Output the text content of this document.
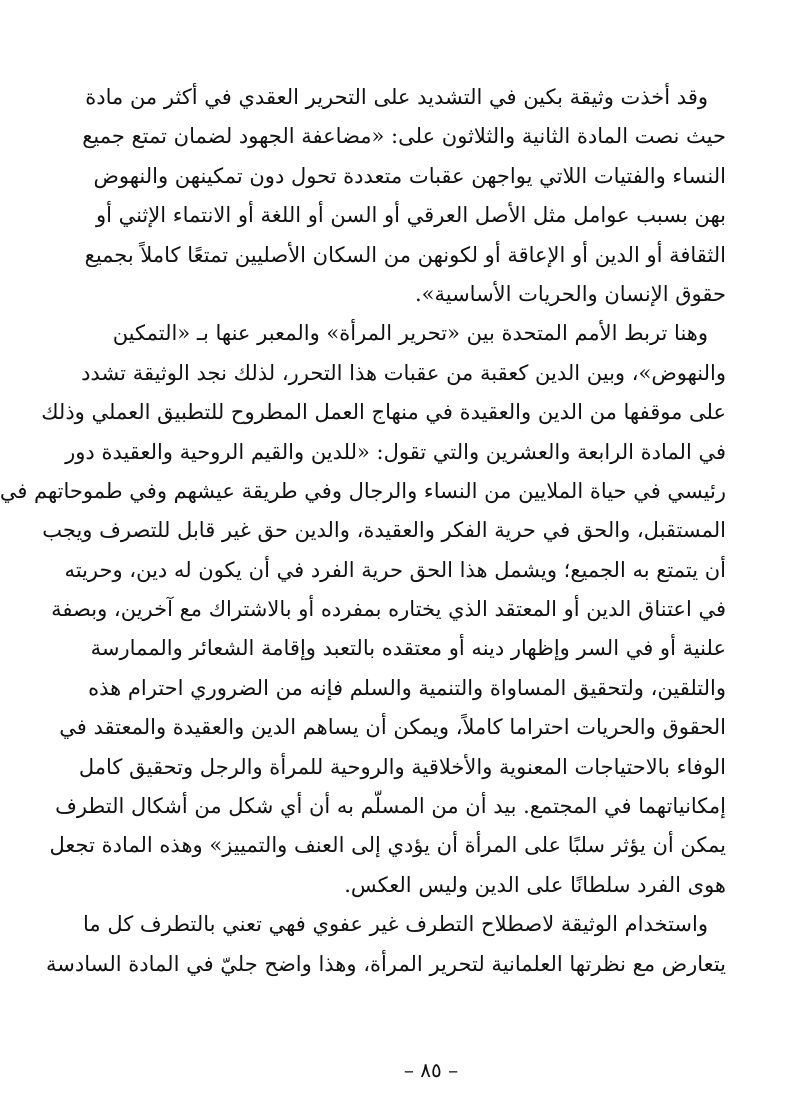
وقد أخذت وثيقة بكين في التشديد على التحرير العقدي في أكثر من مادة
حيث نصت المادة الثانية والثلاثون على: «مضاعفة الجهود لضمان تمتع جميع
النساء والفتيات اللاتي يواجهن عقبات متعددة تحول دون تمكينهن والنهوض
بهن بسبب عوامل مثل الأصل العرقي أو السن أو اللغة أو الانتماء الإثني أو
الثقافة أو الدين أو الإعاقة أو لكونهن من السكان الأصليين تمتعًا كاملاً بجميع
حقوق الإنسان والحريات الأساسية».
وهنا تربط الأمم المتحدة بين «تحرير المرأة» والمعبر عنها بـ «التمكين
والنهوض»، وبين الدين كعقبة من عقبات هذا التحرر، لذلك نجد الوثيقة تشدد
على موقفها من الدين والعقيدة في منهاج العمل المطروح للتطبيق العملي وذلك
في المادة الرابعة والعشرين والتي تقول: «للدين والقيم الروحية والعقيدة دور
رئيسي في حياة الملايين من النساء والرجال وفي طريقة عيشهم وفي طموحاتهم في
المستقبل، والحق في حرية الفكر والعقيدة، والدين حق غير قابل للتصرف ويجب
أن يتمتع به الجميع؛ ويشمل هذا الحق حرية الفرد في أن يكون له دين، وحريته
في اعتناق الدين أو المعتقد الذي يختاره بمفرده أو بالاشتراك مع آخرين، وبصفة
علنية أو في السر وإظهار دينه أو معتقده بالتعبد وإقامة الشعائر والممارسة
والتلقين، ولتحقيق المساواة والتنمية والسلم فإنه من الضروري احترام هذه
الحقوق والحريات احتراما كاملاً، ويمكن أن يساهم الدين والعقيدة والمعتقد في
الوفاء بالاحتياجات المعنوية والأخلاقية والروحية للمرأة والرجل وتحقيق كامل
إمكانياتهما في المجتمع. بيد أن من المسلّم به أن أي شكل من أشكال التطرف
يمكن أن يؤثر سلبًا على المرأة أن يؤدي إلى العنف والتمييز» وهذه المادة تجعل
هوى الفرد سلطانًا على الدين وليس العكس.
واستخدام الوثيقة لاصطلاح التطرف غير عفوي فهي تعني بالتطرف كل ما
يتعارض مع نظرتها العلمانية لتحرير المرأة، وهذا واضح جليّ في المادة السادسة
– ٨٥ –
